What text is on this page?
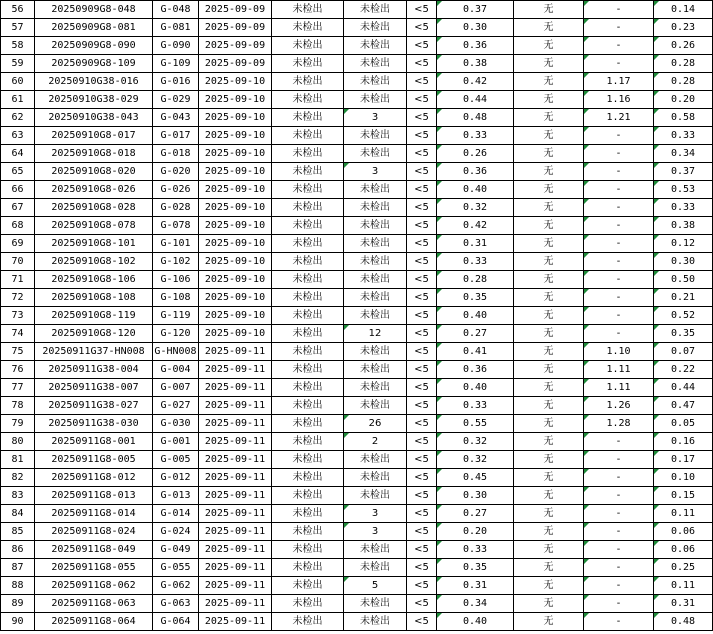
56	20250909G8-048	G-048	2025-09-09	未检出	未检出	<5	0.37	无	-	0.14
57	20250909G8-081	G-081	2025-09-09	未检出	未检出	<5	0.30	无	-	0.23
58	20250909G8-090	G-090	2025-09-09	未检出	未检出	<5	0.36	无	-	0.26
59	20250909G8-109	G-109	2025-09-09	未检出	未检出	<5	0.38	无	-	0.28
60	20250910G38-016	G-016	2025-09-10	未检出	未检出	<5	0.42	无	1.17	0.28
61	20250910G38-029	G-029	2025-09-10	未检出	未检出	<5	0.44	无	1.16	0.20
62	20250910G38-043	G-043	2025-09-10	未检出	3	<5	0.48	无	1.21	0.58
63	20250910G8-017	G-017	2025-09-10	未检出	未检出	<5	0.33	无	-	0.33
64	20250910G8-018	G-018	2025-09-10	未检出	未检出	<5	0.26	无	-	0.34
65	20250910G8-020	G-020	2025-09-10	未检出	3	<5	0.36	无	-	0.37
66	20250910G8-026	G-026	2025-09-10	未检出	未检出	<5	0.40	无	-	0.53
67	20250910G8-028	G-028	2025-09-10	未检出	未检出	<5	0.32	无	-	0.33
68	20250910G8-078	G-078	2025-09-10	未检出	未检出	<5	0.42	无	-	0.38
69	20250910G8-101	G-101	2025-09-10	未检出	未检出	<5	0.31	无	-	0.12
70	20250910G8-102	G-102	2025-09-10	未检出	未检出	<5	0.33	无	-	0.30
71	20250910G8-106	G-106	2025-09-10	未检出	未检出	<5	0.28	无	-	0.50
72	20250910G8-108	G-108	2025-09-10	未检出	未检出	<5	0.35	无	-	0.21
73	20250910G8-119	G-119	2025-09-10	未检出	未检出	<5	0.40	无	-	0.52
74	20250910G8-120	G-120	2025-09-10	未检出	12	<5	0.27	无	-	0.35
75	20250911G37-HN008	G-HN008	2025-09-11	未检出	未检出	<5	0.41	无	1.10	0.07
76	20250911G38-004	G-004	2025-09-11	未检出	未检出	<5	0.36	无	1.11	0.22
77	20250911G38-007	G-007	2025-09-11	未检出	未检出	<5	0.40	无	1.11	0.44
78	20250911G38-027	G-027	2025-09-11	未检出	未检出	<5	0.33	无	1.26	0.47
79	20250911G38-030	G-030	2025-09-11	未检出	26	<5	0.55	无	1.28	0.05
80	20250911G8-001	G-001	2025-09-11	未检出	2	<5	0.32	无	-	0.16
81	20250911G8-005	G-005	2025-09-11	未检出	未检出	<5	0.32	无	-	0.17
82	20250911G8-012	G-012	2025-09-11	未检出	未检出	<5	0.45	无	-	0.10
83	20250911G8-013	G-013	2025-09-11	未检出	未检出	<5	0.30	无	-	0.15
84	20250911G8-014	G-014	2025-09-11	未检出	3	<5	0.27	无	-	0.11
85	20250911G8-024	G-024	2025-09-11	未检出	3	<5	0.20	无	-	0.06
86	20250911G8-049	G-049	2025-09-11	未检出	未检出	<5	0.33	无	-	0.06
87	20250911G8-055	G-055	2025-09-11	未检出	未检出	<5	0.35	无	-	0.25
88	20250911G8-062	G-062	2025-09-11	未检出	5	<5	0.31	无	-	0.11
89	20250911G8-063	G-063	2025-09-11	未检出	未检出	<5	0.34	无	-	0.31
90	20250911G8-064	G-064	2025-09-11	未检出	未检出	<5	0.40	无	-	0.48
